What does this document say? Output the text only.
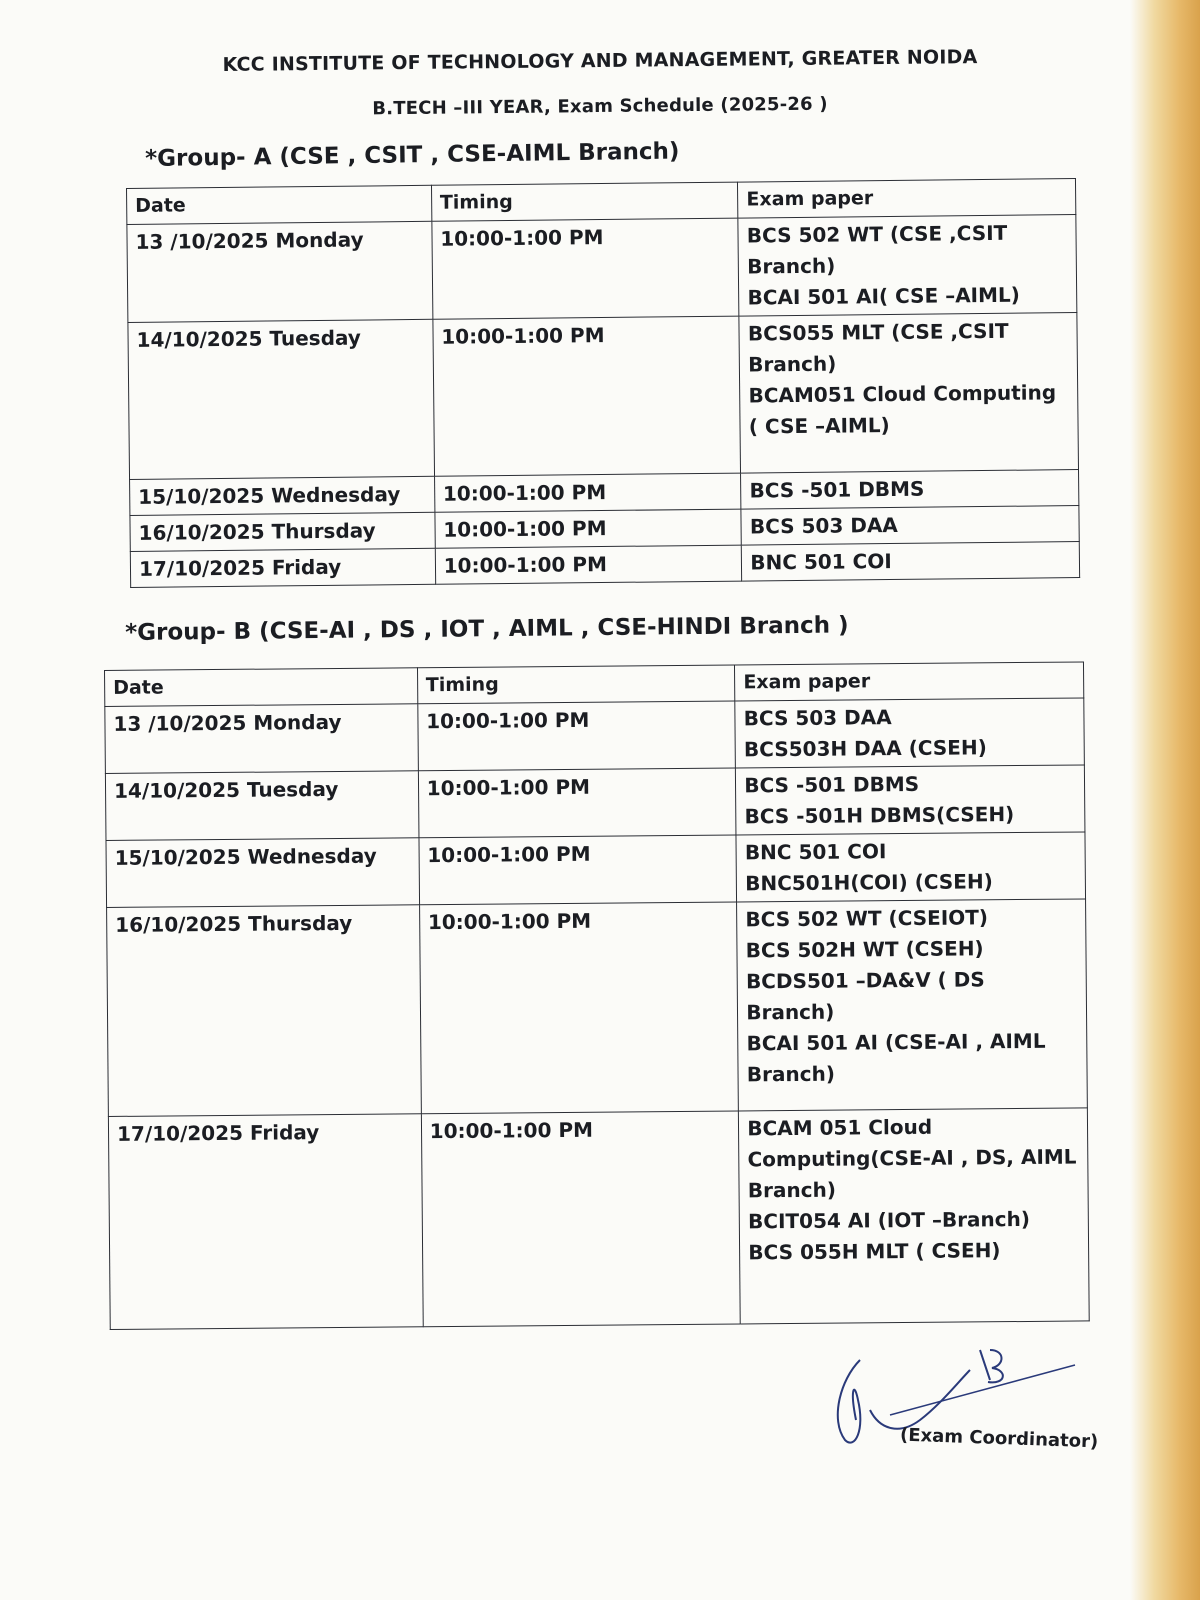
KCC INSTITUTE OF TECHNOLOGY AND MANAGEMENT, GREATER NOIDA
B.TECH –III YEAR, Exam Schedule (2025-26 )
*Group- A (CSE , CSIT , CSE-AIML Branch)
Date	Timing	Exam paper
13 /10/2025 Monday	10:00-1:00 PM	BCS 502 WT (CSE ,CSIT Branch)
BCAI 501 AI( CSE –AIML)

14/10/2025 Tuesday	10:00-1:00 PM	BCS055 MLT (CSE ,CSIT Branch)
BCAM051 Cloud Computing
( CSE –AIML)

15/10/2025 Wednesday	10:00-1:00 PM	BCS -501 DBMS
16/10/2025 Thursday	10:00-1:00 PM	BCS 503 DAA
17/10/2025 Friday	10:00-1:00 PM	BNC 501 COI
*Group- B (CSE-AI , DS , IOT , AIML , CSE-HINDI Branch )
Date	Timing	Exam paper
13 /10/2025 Monday	10:00-1:00 PM	BCS 503 DAA
BCS503H DAA (CSEH)

14/10/2025 Tuesday	10:00-1:00 PM	BCS -501 DBMS
BCS -501H DBMS(CSEH)

15/10/2025 Wednesday	10:00-1:00 PM	BNC 501 COI
BNC501H(COI) (CSEH)

16/10/2025 Thursday	10:00-1:00 PM	BCS 502 WT (CSEIOT)
BCS 502H WT (CSEH)
BCDS501 –DA&V ( DS Branch)
BCAI 501 AI (CSE-AI , AIML Branch)

17/10/2025 Friday	10:00-1:00 PM	BCAM 051 Cloud Computing(CSE-AI , DS, AIML Branch)
BCIT054 AI (IOT –Branch)
BCS 055H MLT ( CSEH)
(Exam Coordinator)
